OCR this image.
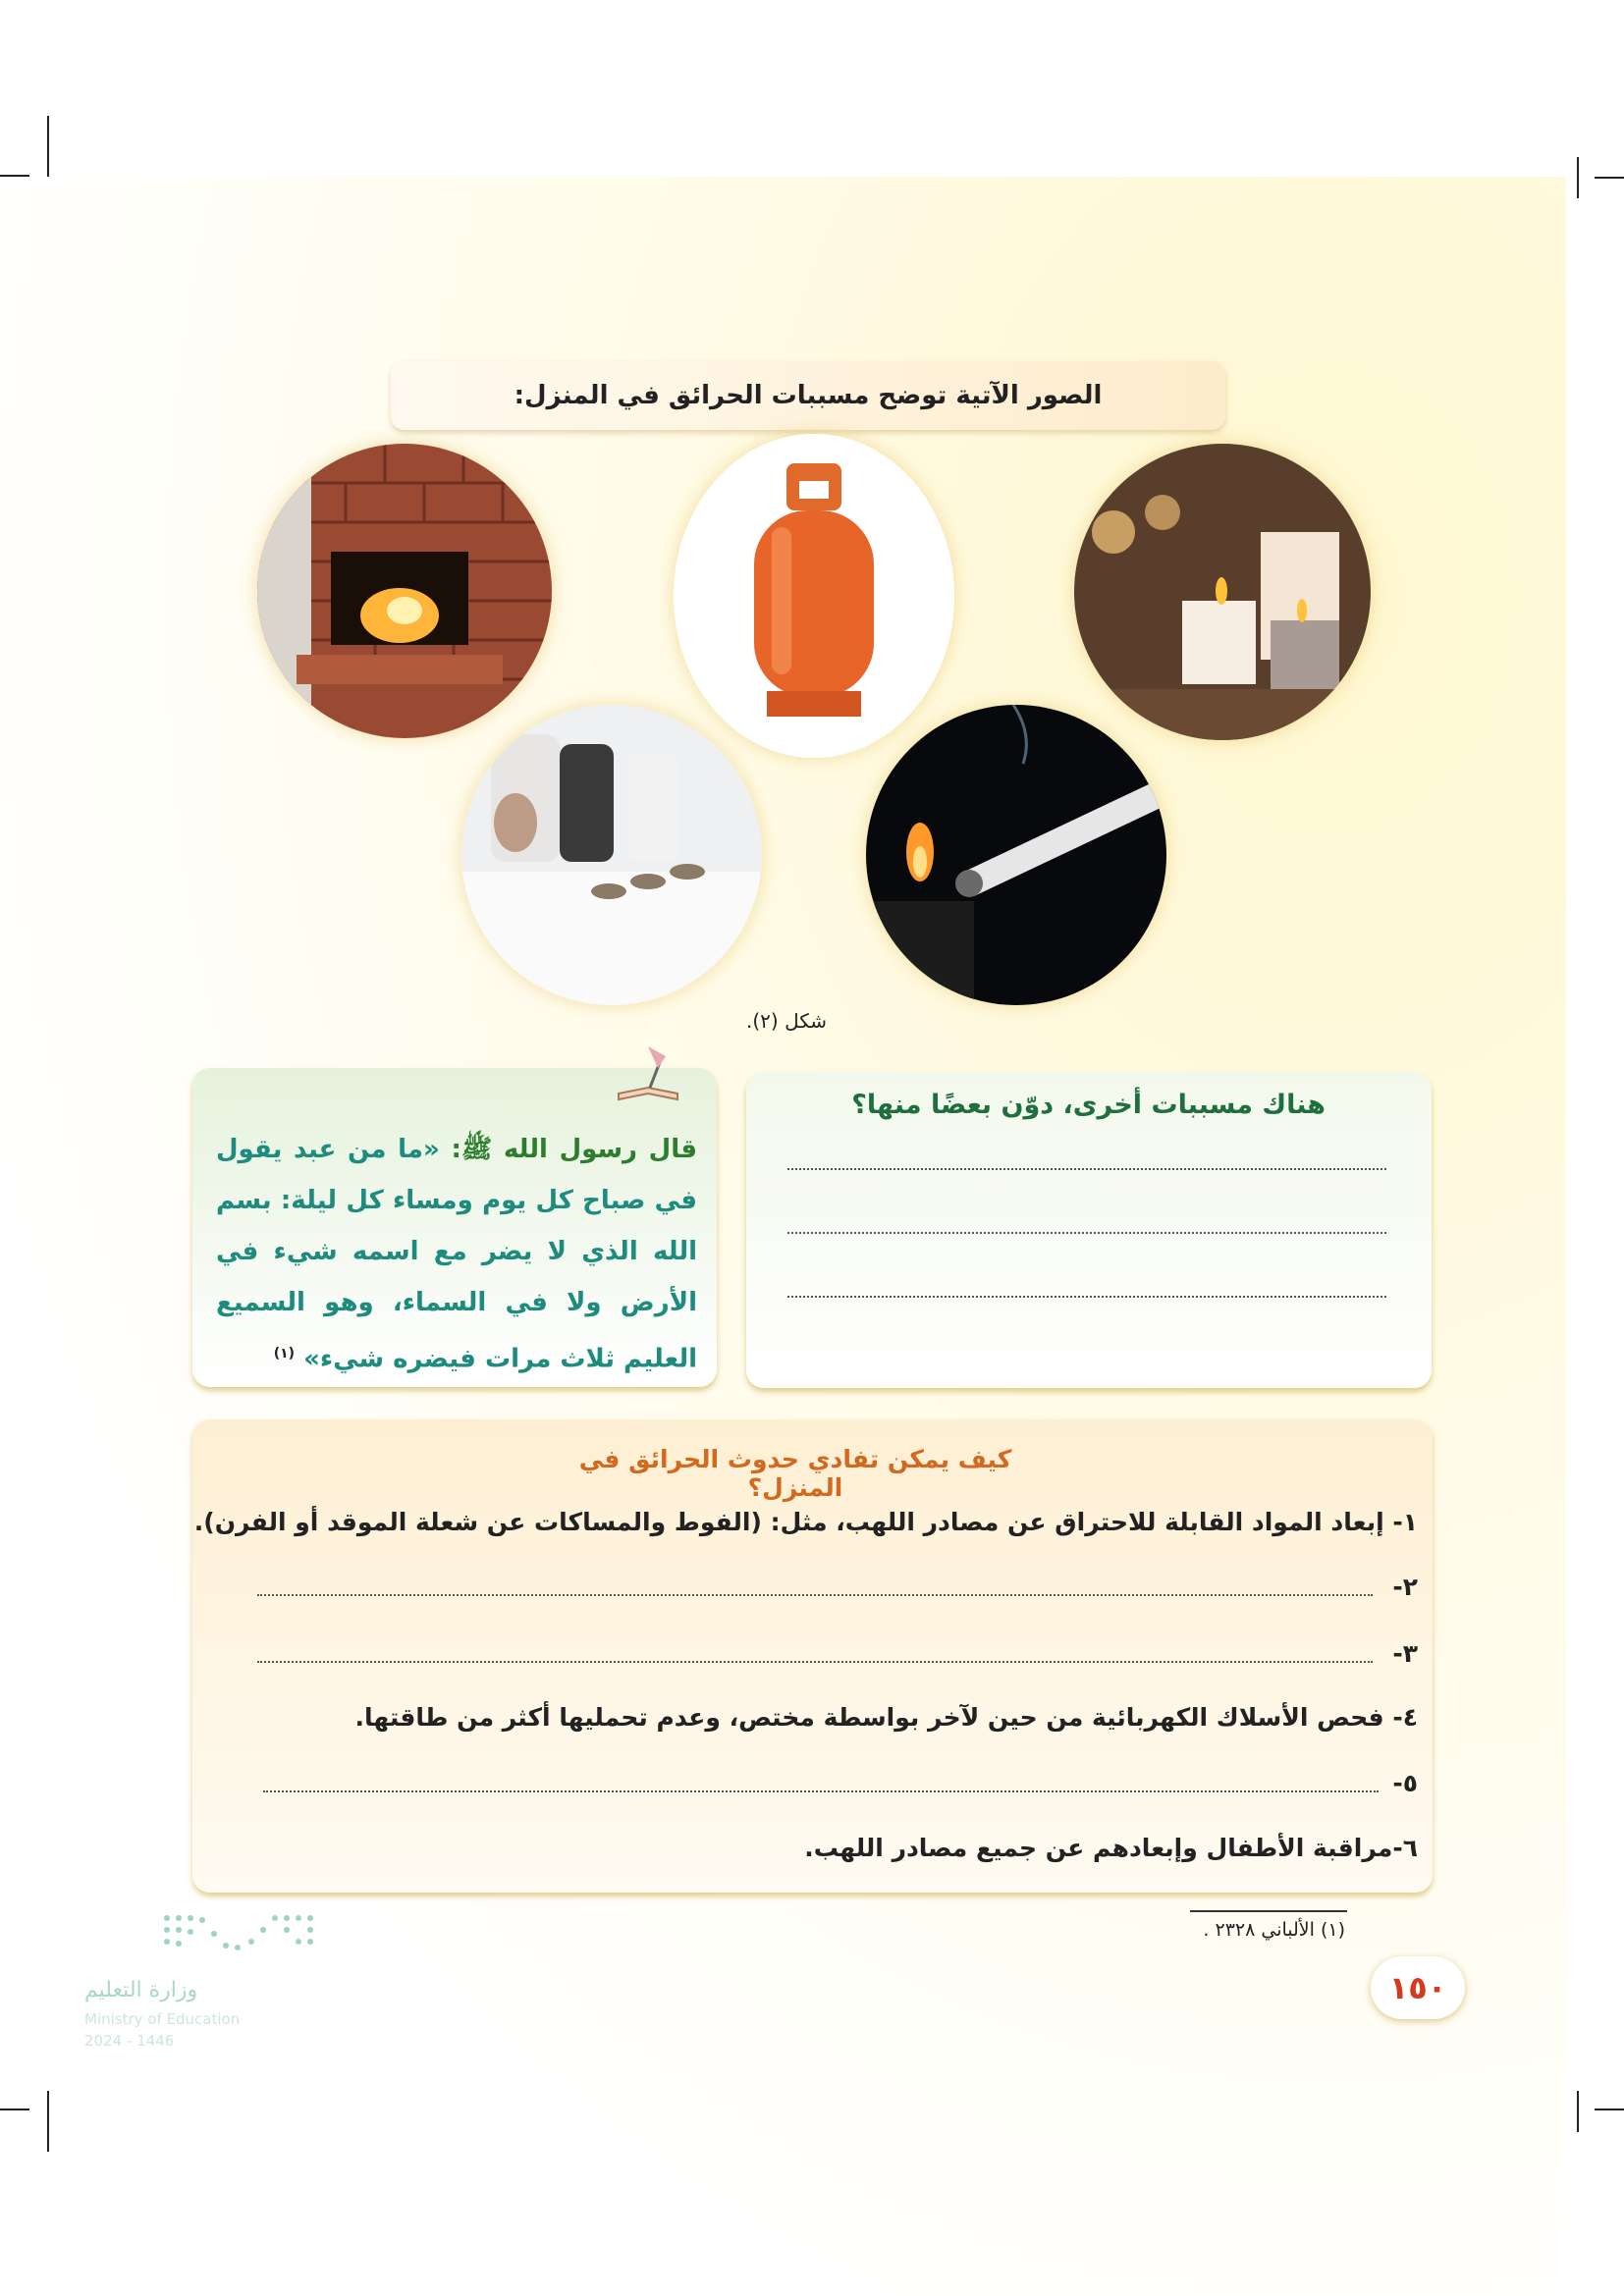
الصور الآتية توضح مسببات الحرائق في المنزل:
شكل (٢).
قال رسول الله ﷺ: «ما من عبد يقول في صباح كل يوم ومساء كل ليلة: بسم الله الذي لا يضر مع اسمه شيء في الأرض ولا في السماء، وهو السميع العليم ثلاث مرات فيضره شيء» $^{(١)}$
هناك مسببات أخرى، دوّن بعضًا منها؟
كيف يمكن تفادي حدوث الحرائق في المنزل؟
١- إبعاد المواد القابلة للاحتراق عن مصادر اللهب، مثل: (الفوط والمساكات عن شعلة الموقد أو الفرن).
٢-
٣-
٤- فحص الأسلاك الكهربائية من حين لآخر بواسطة مختص، وعدم تحمليها أكثر من طاقتها.
٥-
٦-مراقبة الأطفال وإبعادهم عن جميع مصادر اللهب.
(١) الألباني ٢٣٢٨ .
١٥٠
وزارة التعليم
Ministry of Education
2024 - 1446
